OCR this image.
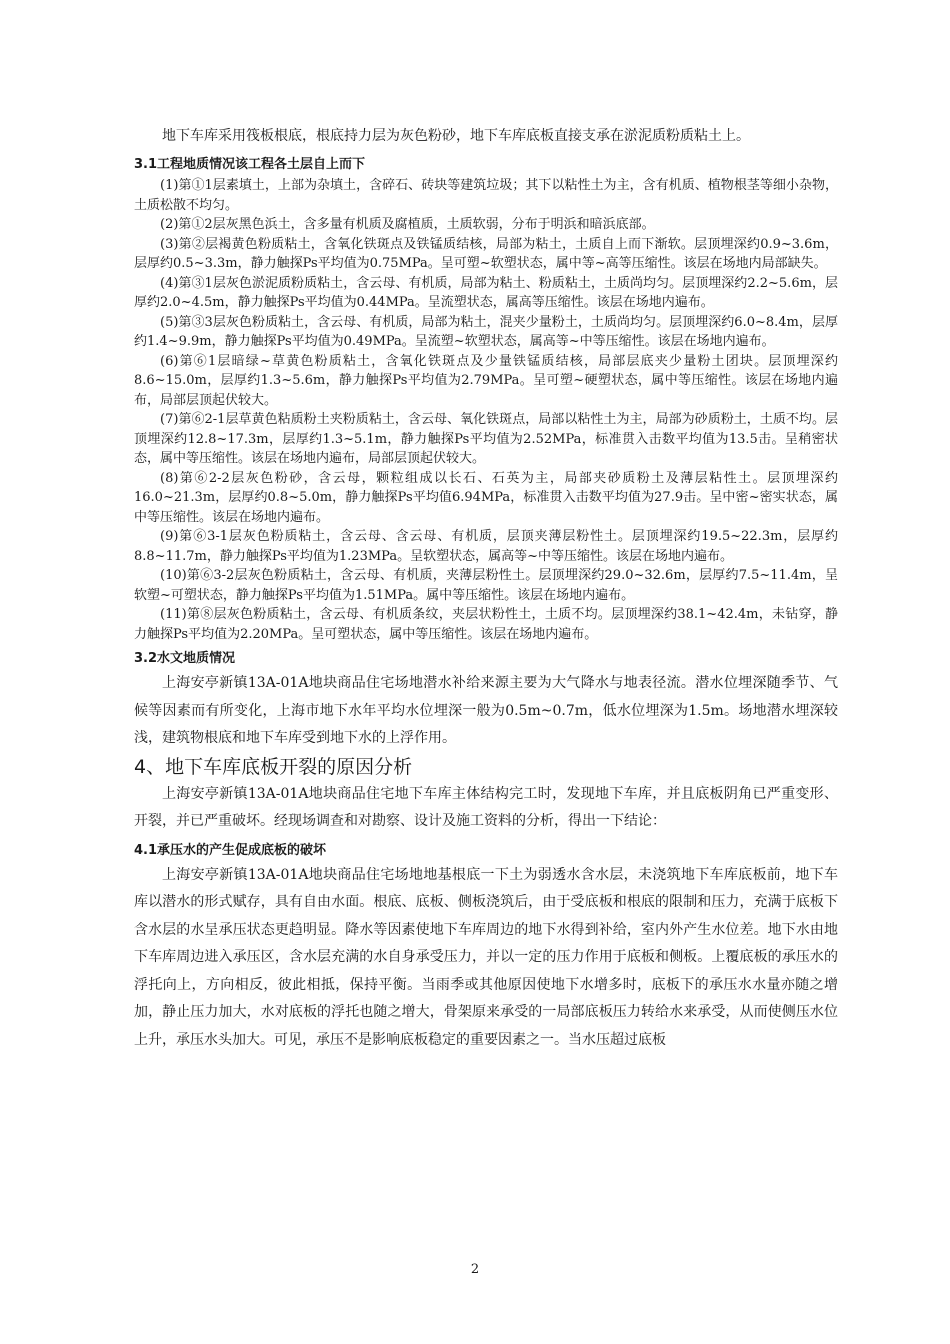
地下车库采用筏板根底，根底持力层为灰色粉砂，地下车库底板直接支承在淤泥质粉质粘土上。

3.1工程地质情况该工程各土层自上而下

(1)第①1层素填土，上部为杂填土，含碎石、砖块等建筑垃圾；其下以粘性土为主，含有机质、植物根茎等细小杂物，土质松散不均匀。

(2)第①2层灰黑色浜土，含多量有机质及腐植质，土质软弱，分布于明浜和暗浜底部。

(3)第②层褐黄色粉质粘土，含氧化铁斑点及铁锰质结核，局部为粘土，土质自上而下渐软。层顶埋深约0.9~3.6m，层厚约0.5~3.3m，静力触探Ps平均值为0.75MPa。呈可塑~软塑状态，属中等~高等压缩性。该层在场地内局部缺失。

(4)第③1层灰色淤泥质粉质粘土，含云母、有机质，局部为粘土、粉质粘土，土质尚均匀。层顶埋深约2.2~5.6m，层厚约2.0~4.5m，静力触探Ps平均值为0.44MPa。呈流塑状态，属高等压缩性。该层在场地内遍布。

(5)第③3层灰色粉质粘土，含云母、有机质，局部为粘土，混夹少量粉土，土质尚均匀。层顶埋深约6.0~8.4m，层厚约1.4~9.9m，静力触探Ps平均值为0.49MPa。呈流塑~软塑状态，属高等~中等压缩性。该层在场地内遍布。

(6)第⑥1层暗绿~草黄色粉质粘土，含氧化铁斑点及少量铁锰质结核，局部层底夹少量粉土团块。层顶埋深约8.6~15.0m，层厚约1.3~5.6m，静力触探Ps平均值为2.79MPa。呈可塑~硬塑状态，属中等压缩性。该层在场地内遍布，局部层顶起伏较大。

(7)第⑥2-1层草黄色粘质粉土夹粉质粘土，含云母、氧化铁斑点，局部以粘性土为主，局部为砂质粉土，土质不均。层顶埋深约12.8~17.3m，层厚约1.3~5.1m，静力触探Ps平均值为2.52MPa，标准贯入击数平均值为13.5击。呈稍密状态，属中等压缩性。该层在场地内遍布，局部层顶起伏较大。

(8)第⑥2-2层灰色粉砂，含云母，颗粒组成以长石、石英为主，局部夹砂质粉土及薄层粘性土。层顶埋深约16.0~21.3m，层厚约0.8~5.0m，静力触探Ps平均值6.94MPa，标准贯入击数平均值为27.9击。呈中密~密实状态，属中等压缩性。该层在场地内遍布。

(9)第⑥3-1层灰色粉质粘土，含云母、含云母、有机质，层顶夹薄层粉性土。层顶埋深约19.5~22.3m，层厚约8.8~11.7m，静力触探Ps平均值为1.23MPa。呈软塑状态，属高等~中等压缩性。该层在场地内遍布。

(10)第⑥3-2层灰色粉质粘土，含云母、有机质，夹薄层粉性土。层顶埋深约29.0~32.6m，层厚约7.5~11.4m，呈软塑~可塑状态，静力触探Ps平均值为1.51MPa。属中等压缩性。该层在场地内遍布。

(11)第⑧层灰色粉质粘土，含云母、有机质条纹，夹层状粉性土，土质不均。层顶埋深约38.1~42.4m，未钻穿，静力触探Ps平均值为2.20MPa。呈可塑状态，属中等压缩性。该层在场地内遍布。

3.2水文地质情况

上海安亭新镇13A-01A地块商品住宅场地潜水补给来源主要为大气降水与地表径流。潜水位埋深随季节、气候等因素而有所变化，上海市地下水年平均水位埋深一般为0.5m~0.7m，低水位埋深为1.5m。场地潜水埋深较浅，建筑物根底和地下车库受到地下水的上浮作用。

4、地下车库底板开裂的原因分析

上海安亭新镇13A-01A地块商品住宅地下车库主体结构完工时，发现地下车库，并且底板阴角已严重变形、开裂，并已严重破坏。经现场调查和对勘察、设计及施工资料的分析，得出一下结论：

4.1承压水的产生促成底板的破坏

上海安亭新镇13A-01A地块商品住宅场地地基根底一下土为弱透水含水层，未浇筑地下车库底板前，地下车库以潜水的形式赋存，具有自由水面。根底、底板、侧板浇筑后，由于受底板和根底的限制和压力，充满于底板下含水层的水呈承压状态更趋明显。降水等因素使地下车库周边的地下水得到补给，室内外产生水位差。地下水由地下车库周边进入承压区，含水层充满的水自身承受压力，并以一定的压力作用于底板和侧板。上覆底板的承压水的浮托向上，方向相反，彼此相抵，保持平衡。当雨季或其他原因使地下水增多时，底板下的承压水水量亦随之增加，静止压力加大，水对底板的浮托也随之增大，骨架原来承受的一局部底板压力转给水来承受，从而使侧压水位上升，承压水头加大。可见，承压不是影响底板稳定的重要因素之一。当水压超过底板

2
